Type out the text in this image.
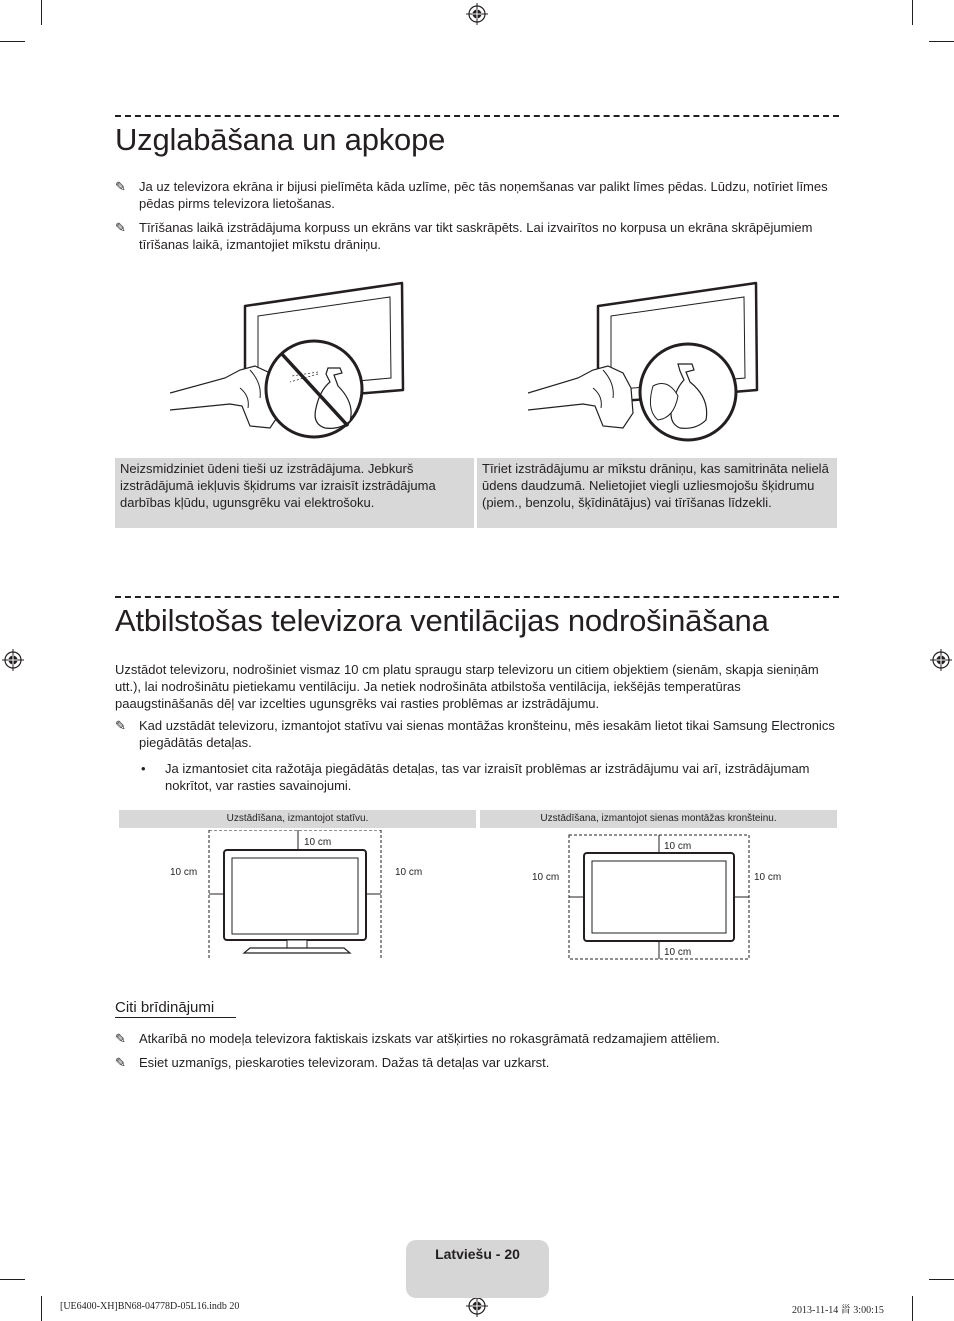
Uzglabāšana un apkope
✎	Ja uz televizora ekrāna ir bijusi pielīmēta kāda uzlīme, pēc tās noņemšanas var palikt līmes pēdas. Lūdzu, notīriet līmes pēdas pirms televizora lietošanas.
✎	Tīrīšanas laikā izstrādājuma korpuss un ekrāns var tikt saskrāpēts. Lai izvairītos no korpusa un ekrāna skrāpējumiem tīrīšanas laikā, izmantojiet mīkstu drāniņu.
Neizsmidziniet ūdeni tieši uz izstrādājuma. Jebkurš izstrādājumā iekļuvis šķidrums var izraisīt izstrādājuma darbības kļūdu, ugunsgrēku vai elektrošoku.
Tīriet izstrādājumu ar mīkstu drāniņu, kas samitrināta nelielā ūdens daudzumā. Nelietojiet viegli uzliesmojošu šķidrumu (piem., benzolu, šķīdinātājus) vai tīrīšanas līdzekli.
Atbilstošas televizora ventilācijas nodrošināšana
Uzstādot televizoru, nodrošiniet vismaz 10 cm platu spraugu starp televizoru un citiem objektiem (sienām, skapja sieniņām utt.), lai nodrošinātu pietiekamu ventilāciju. Ja netiek nodrošināta atbilstoša ventilācija, iekšējās temperatūras paaugstināšanās dēļ var izcelties ugunsgrēks vai rasties problēmas ar izstrādājumu.
✎	Kad uzstādāt televizoru, izmantojot statīvu vai sienas montāžas kronšteinu, mēs iesakām lietot tikai Samsung Electronics piegādātās detaļas.
• Ja izmantosiet cita ražotāja piegādātās detaļas, tas var izraisīt problēmas ar izstrādājumu vai arī, izstrādājumam nokrītot, var rasties savainojumi.
Uzstādīšana, izmantojot statīvu.	Uzstādīšana, izmantojot sienas montāžas kronšteinu.
10 cm
10 cm	10 cm
10 cm
10 cm	10 cm
10 cm
Citi brīdinājumi
✎	Atkarībā no modeļa televizora faktiskais izskats var atšķirties no rokasgrāmatā redzamajiem attēliem.
✎	Esiet uzmanīgs, pieskaroties televizoram. Dažas tā detaļas var uzkarst.
Latviešu - 20
[UE6400-XH]BN68-04778D-05L16.indb 20	2013-11-14 ⻡ 3:00:15
